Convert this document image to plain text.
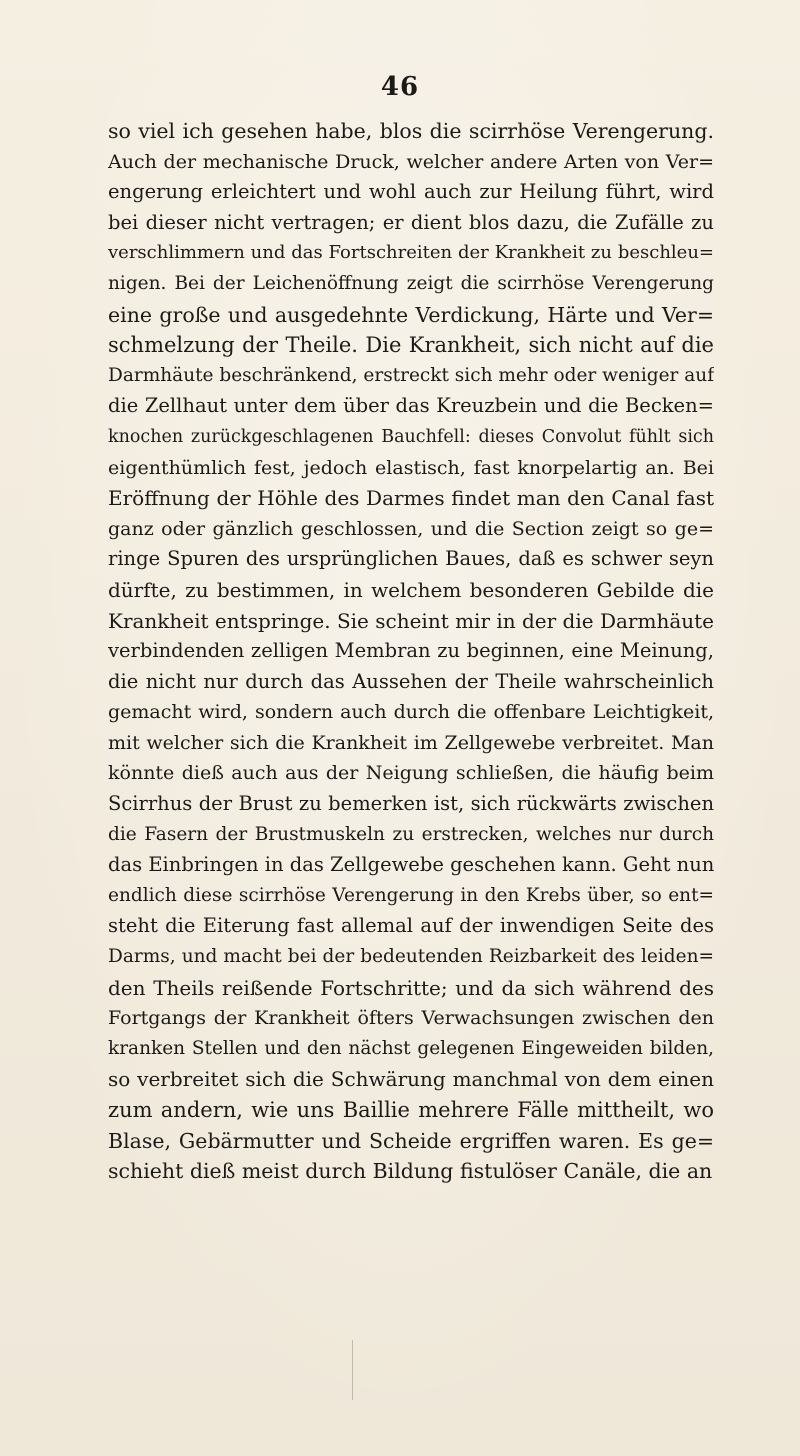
46
so viel ich gesehen habe, blos die scirrhöse Verengerung.
Auch der mechanische Druck, welcher andere Arten von Ver=
engerung erleichtert und wohl auch zur Heilung führt, wird
bei dieser nicht vertragen; er dient blos dazu, die Zufälle zu
verschlimmern und das Fortschreiten der Krankheit zu beschleu=
nigen. Bei der Leichenöffnung zeigt die scirrhöse Verengerung
eine große und ausgedehnte Verdickung, Härte und Ver=
schmelzung der Theile. Die Krankheit, sich nicht auf die
Darmhäute beschränkend, erstreckt sich mehr oder weniger auf
die Zellhaut unter dem über das Kreuzbein und die Becken=
knochen zurückgeschlagenen Bauchfell: dieses Convolut fühlt sich
eigenthümlich fest, jedoch elastisch, fast knorpelartig an. Bei
Eröffnung der Höhle des Darmes findet man den Canal fast
ganz oder gänzlich geschlossen, und die Section zeigt so ge=
ringe Spuren des ursprünglichen Baues, daß es schwer seyn
dürfte, zu bestimmen, in welchem besonderen Gebilde die
Krankheit entspringe. Sie scheint mir in der die Darmhäute
verbindenden zelligen Membran zu beginnen, eine Meinung,
die nicht nur durch das Aussehen der Theile wahrscheinlich
gemacht wird, sondern auch durch die offenbare Leichtigkeit,
mit welcher sich die Krankheit im Zellgewebe verbreitet. Man
könnte dieß auch aus der Neigung schließen, die häufig beim
Scirrhus der Brust zu bemerken ist, sich rückwärts zwischen
die Fasern der Brustmuskeln zu erstrecken, welches nur durch
das Einbringen in das Zellgewebe geschehen kann. Geht nun
endlich diese scirrhöse Verengerung in den Krebs über, so ent=
steht die Eiterung fast allemal auf der inwendigen Seite des
Darms, und macht bei der bedeutenden Reizbarkeit des leiden=
den Theils reißende Fortschritte; und da sich während des
Fortgangs der Krankheit öfters Verwachsungen zwischen den
kranken Stellen und den nächst gelegenen Eingeweiden bilden,
so verbreitet sich die Schwärung manchmal von dem einen
zum andern, wie uns Baillie mehrere Fälle mittheilt, wo
Blase, Gebärmutter und Scheide ergriffen waren. Es ge=
schieht dieß meist durch Bildung fistulöser Canäle, die an
